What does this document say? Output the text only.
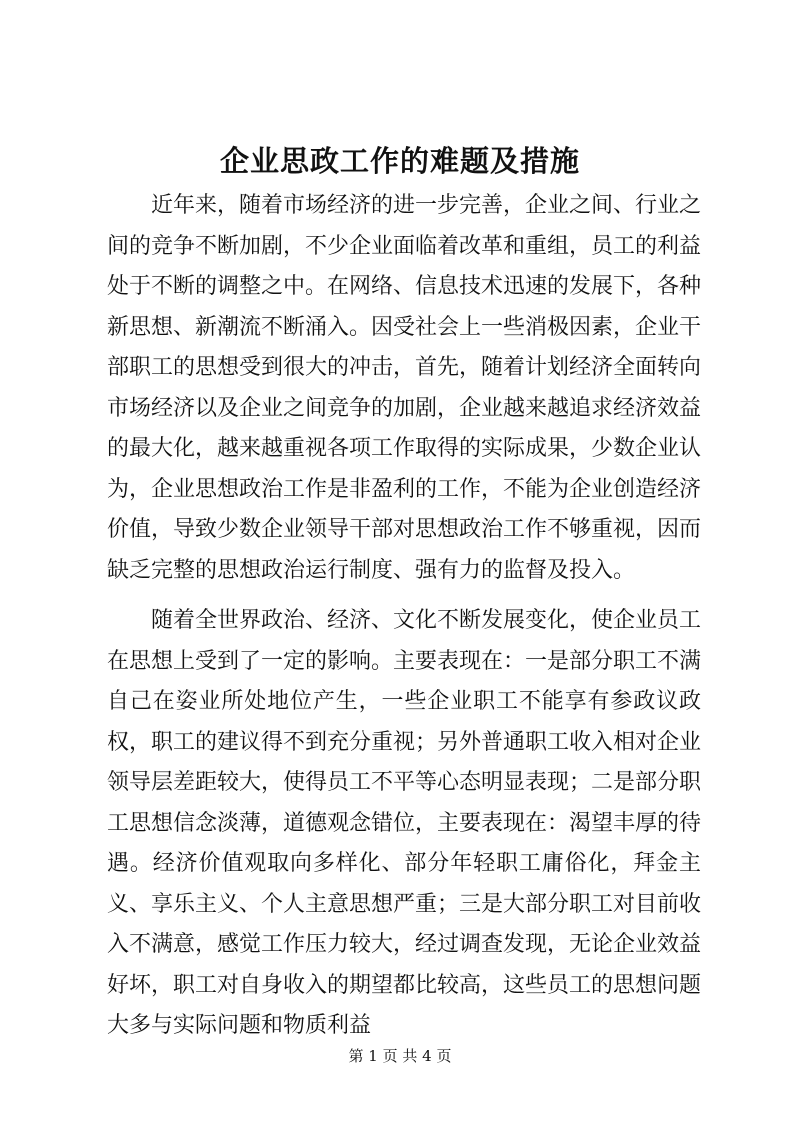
企业思政工作的难题及措施

近年来，随着市场经济的进一步完善，企业之间、行业之间的竞争不断加剧，不少企业面临着改革和重组，员工的利益处于不断的调整之中。在网络、信息技术迅速的发展下，各种新思想、新潮流不断涌入。因受社会上一些消极因素，企业干部职工的思想受到很大的冲击，首先，随着计划经济全面转向市场经济以及企业之间竞争的加剧，企业越来越追求经济效益的最大化，越来越重视各项工作取得的实际成果，少数企业认为，企业思想政治工作是非盈利的工作，不能为企业创造经济价值，导致少数企业领导干部对思想政治工作不够重视，因而缺乏完整的思想政治运行制度、强有力的监督及投入。

随着全世界政治、经济、文化不断发展变化，使企业员工在思想上受到了一定的影响。主要表现在：一是部分职工不满自己在姿业所处地位产生，一些企业职工不能享有参政议政权，职工的建议得不到充分重视；另外普通职工收入相对企业领导层差距较大，使得员工不平等心态明显表现；二是部分职工思想信念淡薄，道德观念错位，主要表现在：渴望丰厚的待遇。经济价值观取向多样化、部分年轻职工庸俗化，拜金主义、享乐主义、个人主意思想严重；三是大部分职工对目前收入不满意，感觉工作压力较大，经过调查发现，无论企业效益好坏，职工对自身收入的期望都比较高，这些员工的思想问题大多与实际问题和物质利益

第 1 页 共 4 页
